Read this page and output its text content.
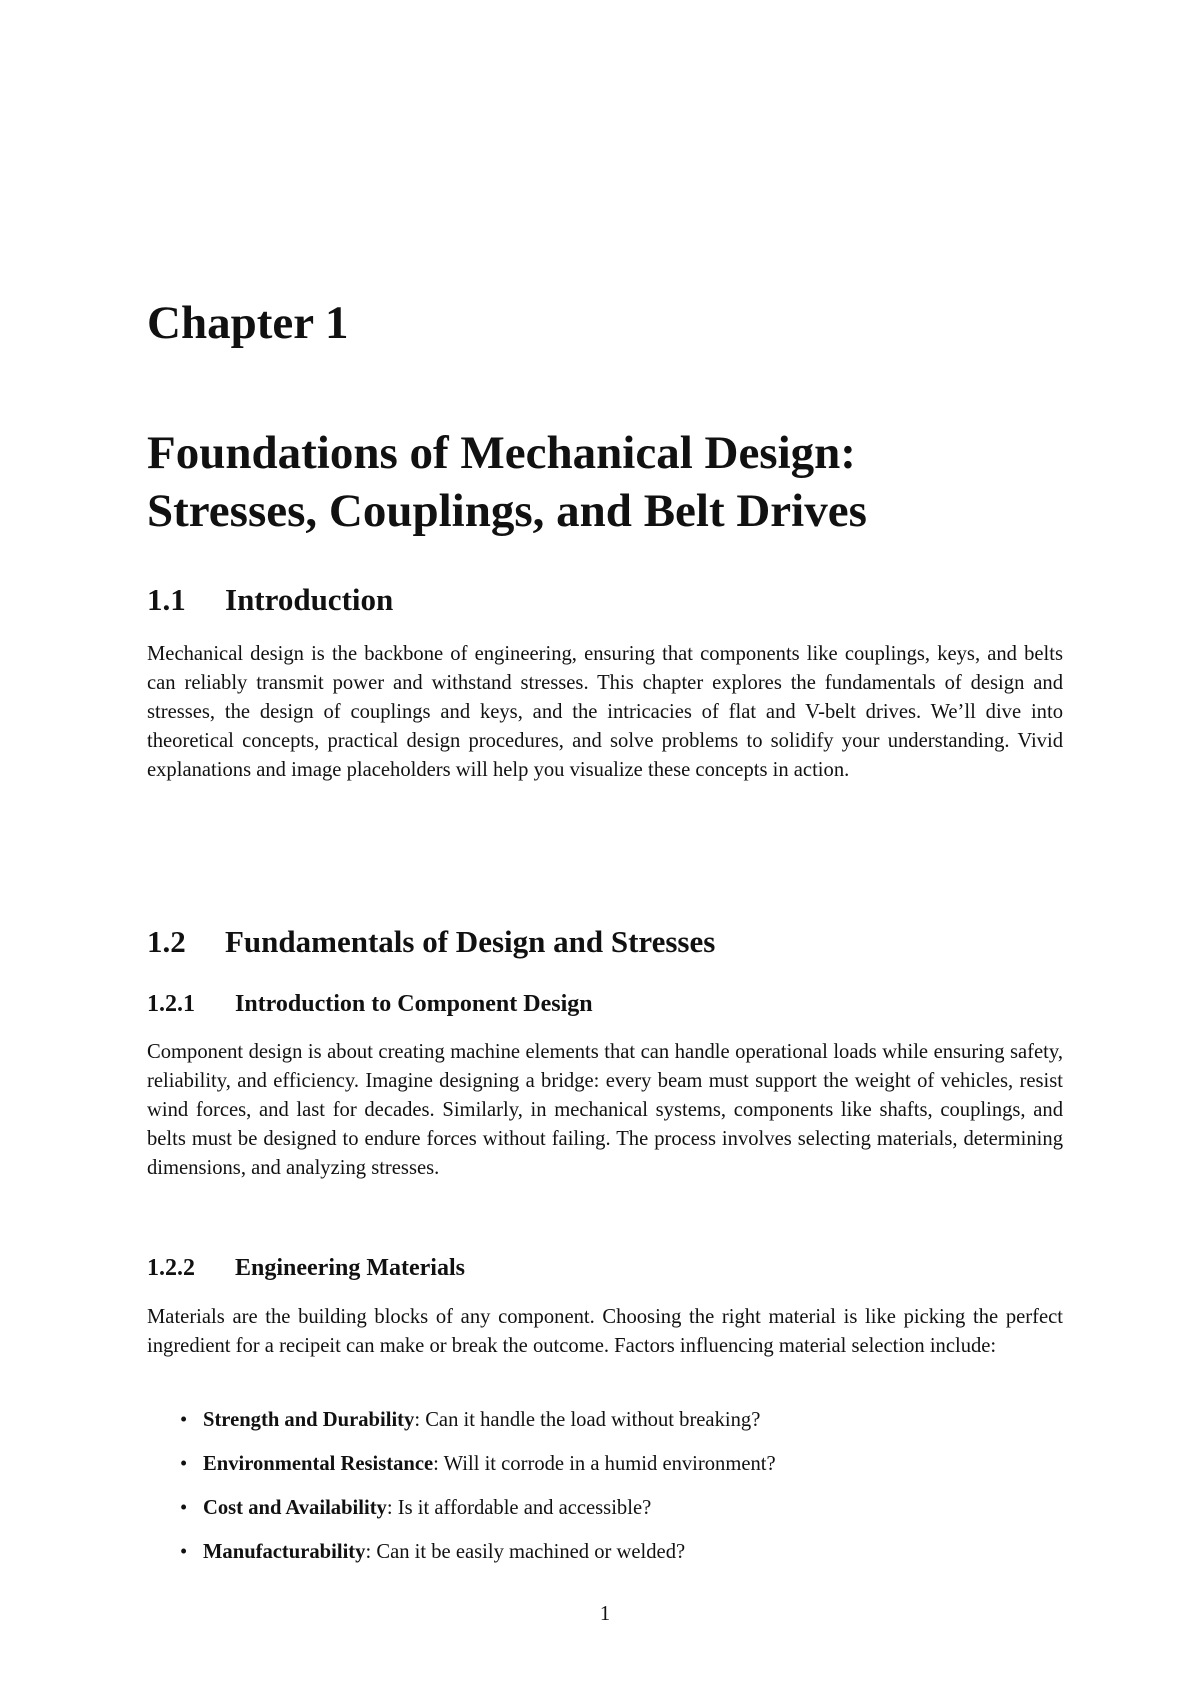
Chapter 1
Foundations of Mechanical Design:
Stresses, Couplings, and Belt Drives
1.1 Introduction

Mechanical design is the backbone of engineering, ensuring that components like couplings, keys, and belts can reliably transmit power and withstand stresses. This chapter explores the fundamentals of design and stresses, the design of couplings and keys, and the intricacies of flat and V-belt drives. We’ll dive into theoretical concepts, practical design procedures, and solve problems to solidify your understanding. Vivid explanations and image placeholders will help you visualize these concepts in action.

1.2 Fundamentals of Design and Stresses
1.2.1 Introduction to Component Design

Component design is about creating machine elements that can handle operational loads while ensuring safety, reliability, and efficiency. Imagine designing a bridge: every beam must support the weight of vehicles, resist wind forces, and last for decades. Similarly, in mechanical systems, components like shafts, couplings, and belts must be designed to endure forces without failing. The process involves selecting materials, determining dimensions, and analyzing stresses.

1.2.2 Engineering Materials

Materials are the building blocks of any component. Choosing the right material is like picking the perfect ingredient for a recipeit can make or break the outcome. Factors influencing material selection include:

• Strength and Durability: Can it handle the load without breaking?
• Environmental Resistance: Will it corrode in a humid environment?
• Cost and Availability: Is it affordable and accessible?
• Manufacturability: Can it be easily machined or welded?

1
